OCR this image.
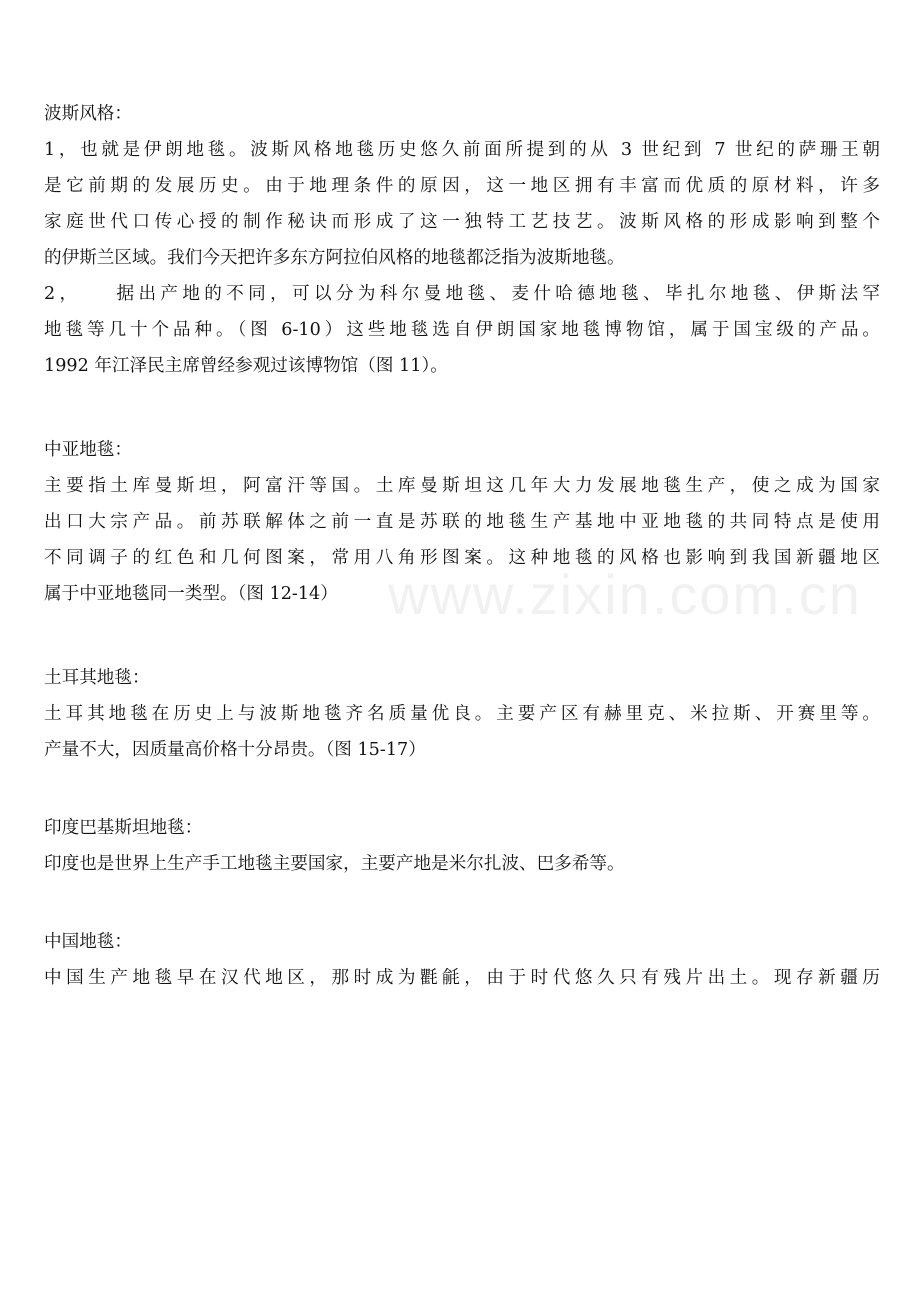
www.zixin.com.cn
波斯风格：
1，也就是伊朗地毯。波斯风格地毯历史悠久前面所提到的从 3 世纪到 7 世纪的萨珊王朝
是它前期的发展历史。由于地理条件的原因，这一地区拥有丰富而优质的原材料，许多
家庭世代口传心授的制作秘诀而形成了这一独特工艺技艺。波斯风格的形成影响到整个
的伊斯兰区域。我们今天把许多东方阿拉伯风格的地毯都泛指为波斯地毯。
2，　　据出产地的不同，可以分为科尔曼地毯、麦什哈德地毯、毕扎尔地毯、伊斯法罕
地毯等几十个品种。（图 6-10）这些地毯选自伊朗国家地毯博物馆，属于国宝级的产品。
1992 年江泽民主席曾经参观过该博物馆（图 11）。
中亚地毯：
主要指土库曼斯坦，阿富汗等国。土库曼斯坦这几年大力发展地毯生产，使之成为国家
出口大宗产品。前苏联解体之前一直是苏联的地毯生产基地中亚地毯的共同特点是使用
不同调子的红色和几何图案，常用八角形图案。这种地毯的风格也影响到我国新疆地区
属于中亚地毯同一类型。（图 12-14）
土耳其地毯：
土耳其地毯在历史上与波斯地毯齐名质量优良。主要产区有赫里克、米拉斯、开赛里等。
产量不大，因质量高价格十分昂贵。（图 15-17）
印度巴基斯坦地毯：
印度也是世界上生产手工地毯主要国家，主要产地是米尔扎波、巴多希等。
中国地毯：
中国生产地毯早在汉代地区，那时成为氍毹，由于时代悠久只有残片出土。现存新疆历
